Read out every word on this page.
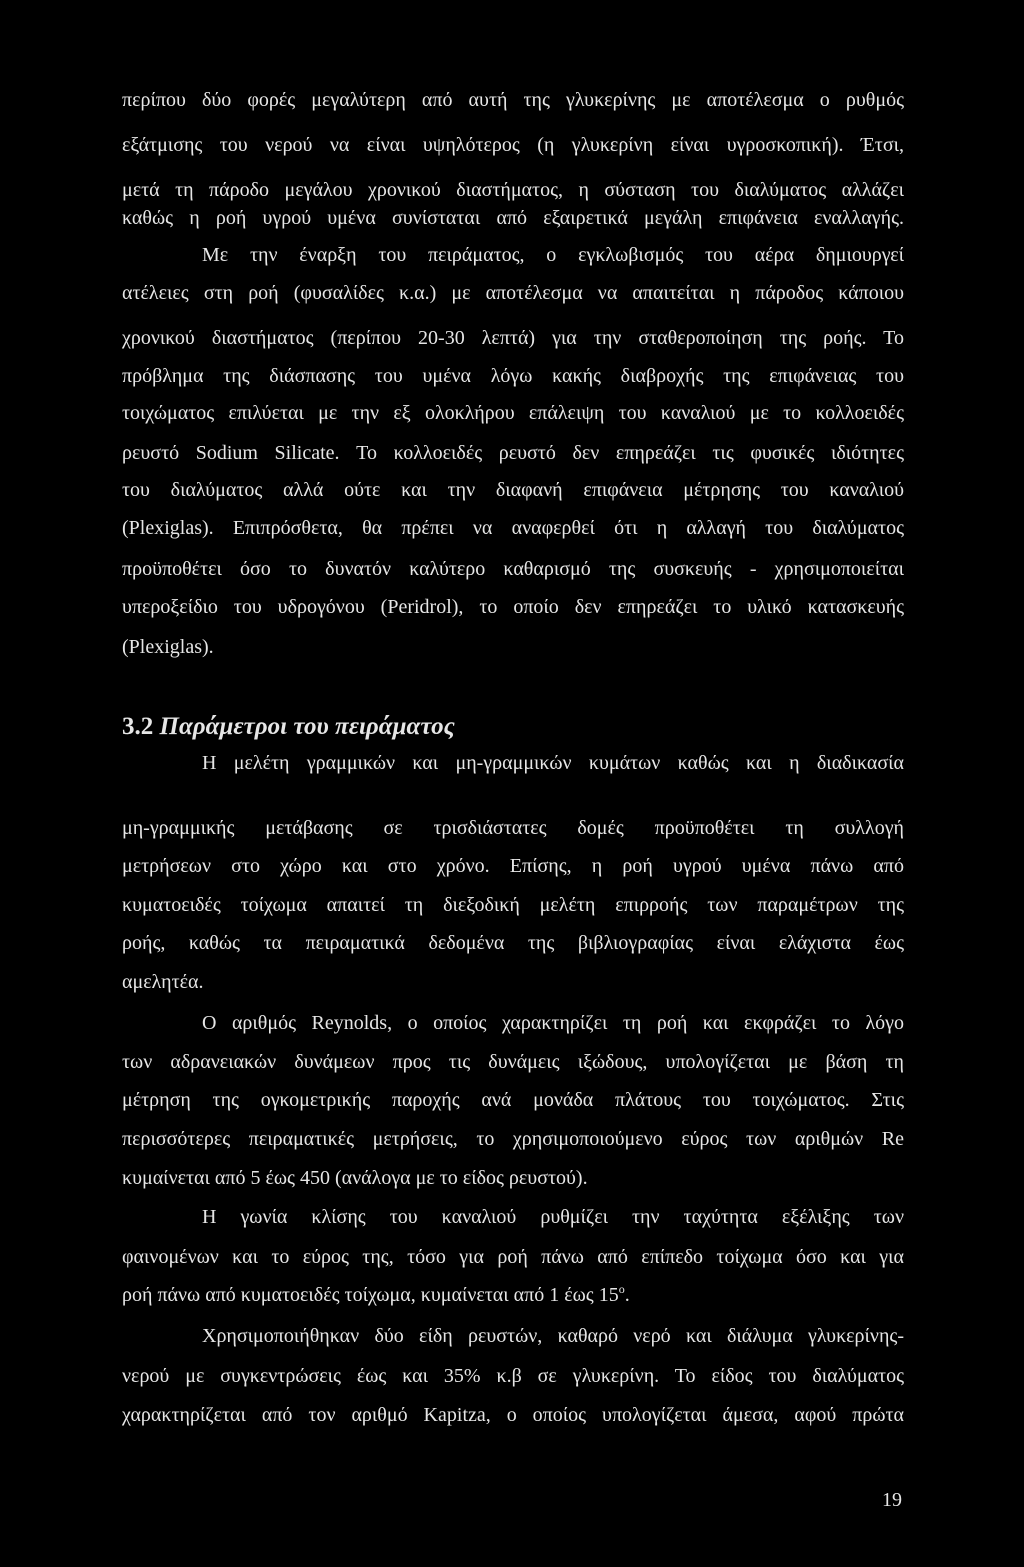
περίπου δύο φορές μεγαλύτερη από αυτή της γλυκερίνης με αποτέλεσμα ο ρυθμός
εξάτμισης του νερού να είναι υψηλότερος (η γλυκερίνη είναι υγροσκοπική). Έτσι,
μετά τη πάροδο μεγάλου χρονικού διαστήματος, η σύσταση του διαλύματος αλλάζει
καθώς η ροή υγρού υμένα συνίσταται από εξαιρετικά μεγάλη επιφάνεια εναλλαγής.
Με την έναρξη του πειράματος, ο εγκλωβισμός του αέρα δημιουργεί
ατέλειες στη ροή (φυσαλίδες κ.α.) με αποτέλεσμα να απαιτείται η πάροδος κάποιου
χρονικού διαστήματος (περίπου 20-30 λεπτά) για την σταθεροποίηση της ροής. Το
πρόβλημα της διάσπασης του υμένα λόγω κακής διαβροχής της επιφάνειας του
τοιχώματος επιλύεται με την εξ ολοκλήρου επάλειψη του καναλιού με το κολλοειδές
ρευστό Sodium Silicate. Το κολλοειδές ρευστό δεν επηρεάζει τις φυσικές ιδιότητες
του διαλύματος αλλά ούτε και την διαφανή επιφάνεια μέτρησης του καναλιού
(Plexiglas). Επιπρόσθετα, θα πρέπει να αναφερθεί ότι η αλλαγή του διαλύματος
προϋποθέτει όσο το δυνατόν καλύτερο καθαρισμό της συσκευής - χρησιμοποιείται
υπεροξείδιο του υδρογόνου (Peridrol), το οποίο δεν επηρεάζει το υλικό κατασκευής
(Plexiglas).
3.2 Παράμετροι του πειράματος
Η μελέτη γραμμικών και μη-γραμμικών κυμάτων καθώς και η διαδικασία
μη-γραμμικής μετάβασης σε τρισδιάστατες δομές προϋποθέτει τη συλλογή
μετρήσεων στο χώρο και στο χρόνο. Επίσης, η ροή υγρού υμένα πάνω από
κυματοειδές τοίχωμα απαιτεί τη διεξοδική μελέτη επιρροής των παραμέτρων της
ροής, καθώς τα πειραματικά δεδομένα της βιβλιογραφίας είναι ελάχιστα έως
αμελητέα.
Ο αριθμός Reynolds, ο οποίος χαρακτηρίζει τη ροή και εκφράζει το λόγο
των αδρανειακών δυνάμεων προς τις δυνάμεις ιξώδους, υπολογίζεται με βάση τη
μέτρηση της ογκομετρικής παροχής ανά μονάδα πλάτους του τοιχώματος. Στις
περισσότερες πειραματικές μετρήσεις, το χρησιμοποιούμενο εύρος των αριθμών Re
κυμαίνεται από 5 έως 450 (ανάλογα με το είδος ρευστού).
Η γωνία κλίσης του καναλιού ρυθμίζει την ταχύτητα εξέλιξης των
φαινομένων και το εύρος της, τόσο για ροή πάνω από επίπεδο τοίχωμα όσο και για
ροή πάνω από κυματοειδές τοίχωμα, κυμαίνεται από 1 έως 15$^o$.
Χρησιμοποιήθηκαν δύο είδη ρευστών, καθαρό νερό και διάλυμα γλυκερίνης-
νερού με συγκεντρώσεις έως και 35% κ.β σε γλυκερίνη. Το είδος του διαλύματος
χαρακτηρίζεται από τον αριθμό Kapitza, ο οποίος υπολογίζεται άμεσα, αφού πρώτα
19
